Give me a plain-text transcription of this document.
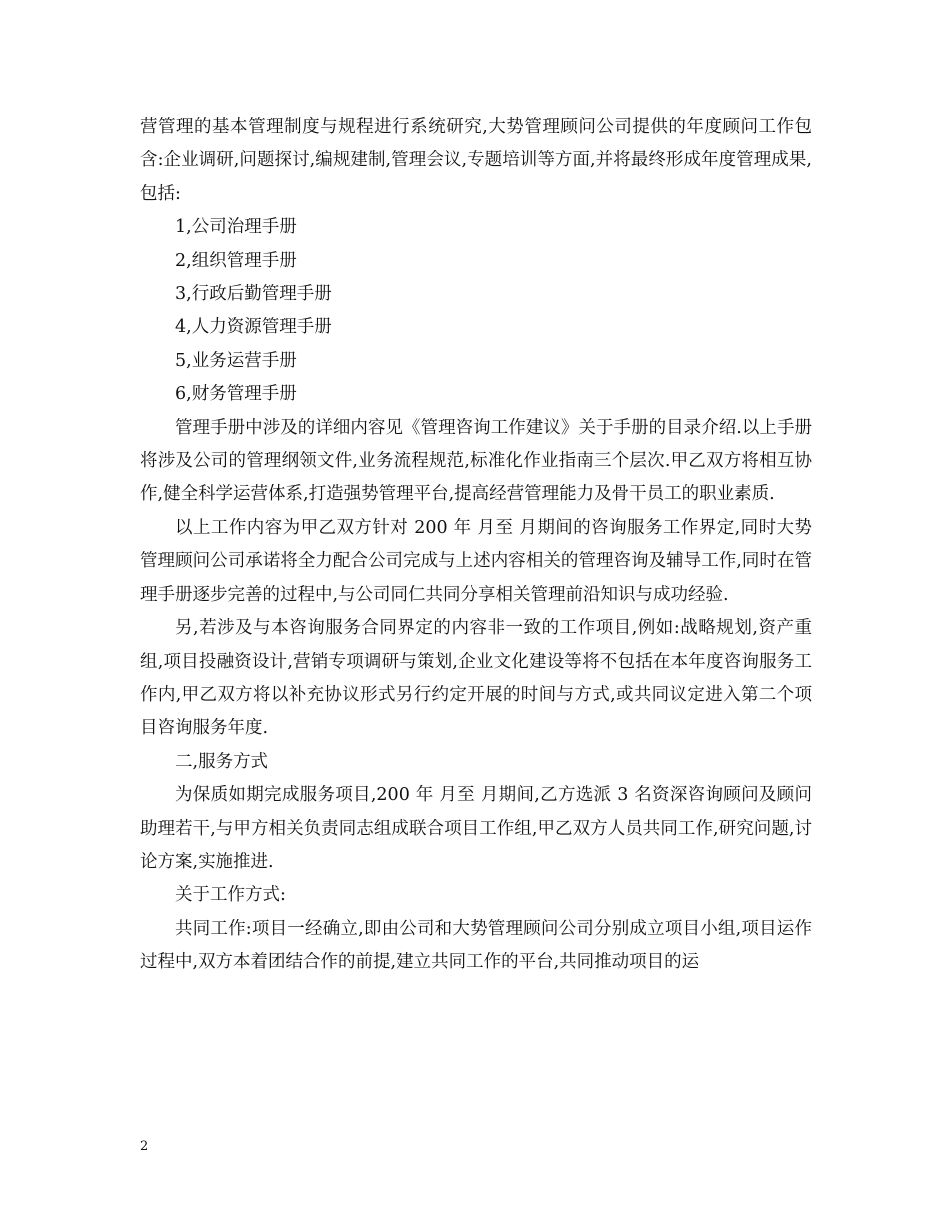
营管理的基本管理制度与规程进行系统研究,大势管理顾问公司提供的年度顾问工作包含:企业调研,问题探讨,编规建制,管理会议,专题培训等方面,并将最终形成年度管理成果,包括:

1,公司治理手册

2,组织管理手册

3,行政后勤管理手册

4,人力资源管理手册

5,业务运营手册

6,财务管理手册

管理手册中涉及的详细内容见《管理咨询工作建议》关于手册的目录介绍.以上手册将涉及公司的管理纲领文件,业务流程规范,标准化作业指南三个层次.甲乙双方将相互协作,健全科学运营体系,打造强势管理平台,提高经营管理能力及骨干员工的职业素质.

以上工作内容为甲乙双方针对 200 年 月至 月期间的咨询服务工作界定,同时大势管理顾问公司承诺将全力配合公司完成与上述内容相关的管理咨询及辅导工作,同时在管理手册逐步完善的过程中,与公司同仁共同分享相关管理前沿知识与成功经验.

另,若涉及与本咨询服务合同界定的内容非一致的工作项目,例如:战略规划,资产重组,项目投融资设计,营销专项调研与策划,企业文化建设等将不包括在本年度咨询服务工作内,甲乙双方将以补充协议形式另行约定开展的时间与方式,或共同议定进入第二个项目咨询服务年度.

二,服务方式

为保质如期完成服务项目,200 年 月至 月期间,乙方选派 3 名资深咨询顾问及顾问助理若干,与甲方相关负责同志组成联合项目工作组,甲乙双方人员共同工作,研究问题,讨论方案,实施推进.

关于工作方式:

共同工作:项目一经确立,即由公司和大势管理顾问公司分别成立项目小组,项目运作过程中,双方本着团结合作的前提,建立共同工作的平台,共同推动项目的运

2
